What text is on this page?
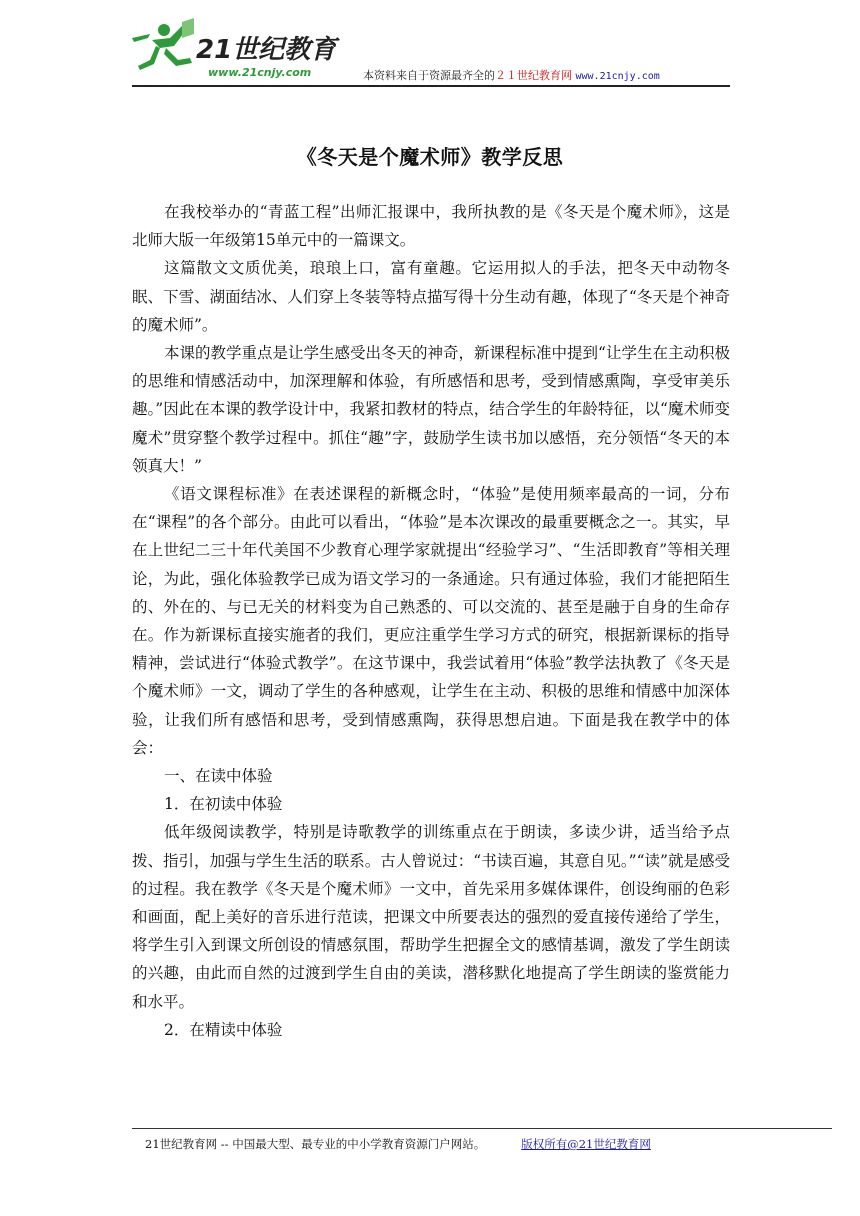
21世纪教育
www.21cnjy.com	本资料来自于资源最齐全的２１世纪教育网 www.21cnjy.com
《冬天是个魔术师》教学反思

在我校举办的“青蓝工程”出师汇报课中，我所执教的是《冬天是个魔术师》，这是北师大版一年级第15单元中的一篇课文。

这篇散文文质优美，琅琅上口，富有童趣。它运用拟人的手法，把冬天中动物冬眠、下雪、湖面结冰、人们穿上冬装等特点描写得十分生动有趣，体现了“冬天是个神奇的魔术师”。

本课的教学重点是让学生感受出冬天的神奇，新课程标准中提到“让学生在主动积极的思维和情感活动中，加深理解和体验，有所感悟和思考，受到情感熏陶，享受审美乐趣。”因此在本课的教学设计中，我紧扣教材的特点，结合学生的年龄特征，以“魔术师变魔术”贯穿整个教学过程中。抓住“趣”字，鼓励学生读书加以感悟，充分领悟“冬天的本领真大！”

《语文课程标准》在表述课程的新概念时，“体验”是使用频率最高的一词，分布在“课程”的各个部分。由此可以看出，“体验”是本次课改的最重要概念之一。其实，早在上世纪二三十年代美国不少教育心理学家就提出“经验学习”、“生活即教育”等相关理论，为此，强化体验教学已成为语文学习的一条通途。只有通过体验，我们才能把陌生的、外在的、与已无关的材料变为自己熟悉的、可以交流的、甚至是融于自身的生命存在。作为新课标直接实施者的我们，更应注重学生学习方式的研究，根据新课标的指导精神，尝试进行“体验式教学”。在这节课中，我尝试着用“体验”教学法执教了《冬天是个魔术师》一文，调动了学生的各种感观，让学生在主动、积极的思维和情感中加深体验，让我们所有感悟和思考，受到情感熏陶，获得思想启迪。下面是我在教学中的体会：

一、在读中体验

1．在初读中体验

低年级阅读教学，特别是诗歌教学的训练重点在于朗读，多读少讲，适当给予点拨、指引，加强与学生生活的联系。古人曾说过：“书读百遍，其意自见。”“读”就是感受的过程。我在教学《冬天是个魔术师》一文中，首先采用多媒体课件，创设绚丽的色彩和画面，配上美好的音乐进行范读，把课文中所要表达的强烈的爱直接传递给了学生，将学生引入到课文所创设的情感氛围，帮助学生把握全文的感情基调，激发了学生朗读的兴趣，由此而自然的过渡到学生自由的美读，潜移默化地提高了学生朗读的鉴赏能力和水平。

2．在精读中体验

21世纪教育网 -- 中国最大型、最专业的中小学教育资源门户网站。	版权所有@21世纪教育网
